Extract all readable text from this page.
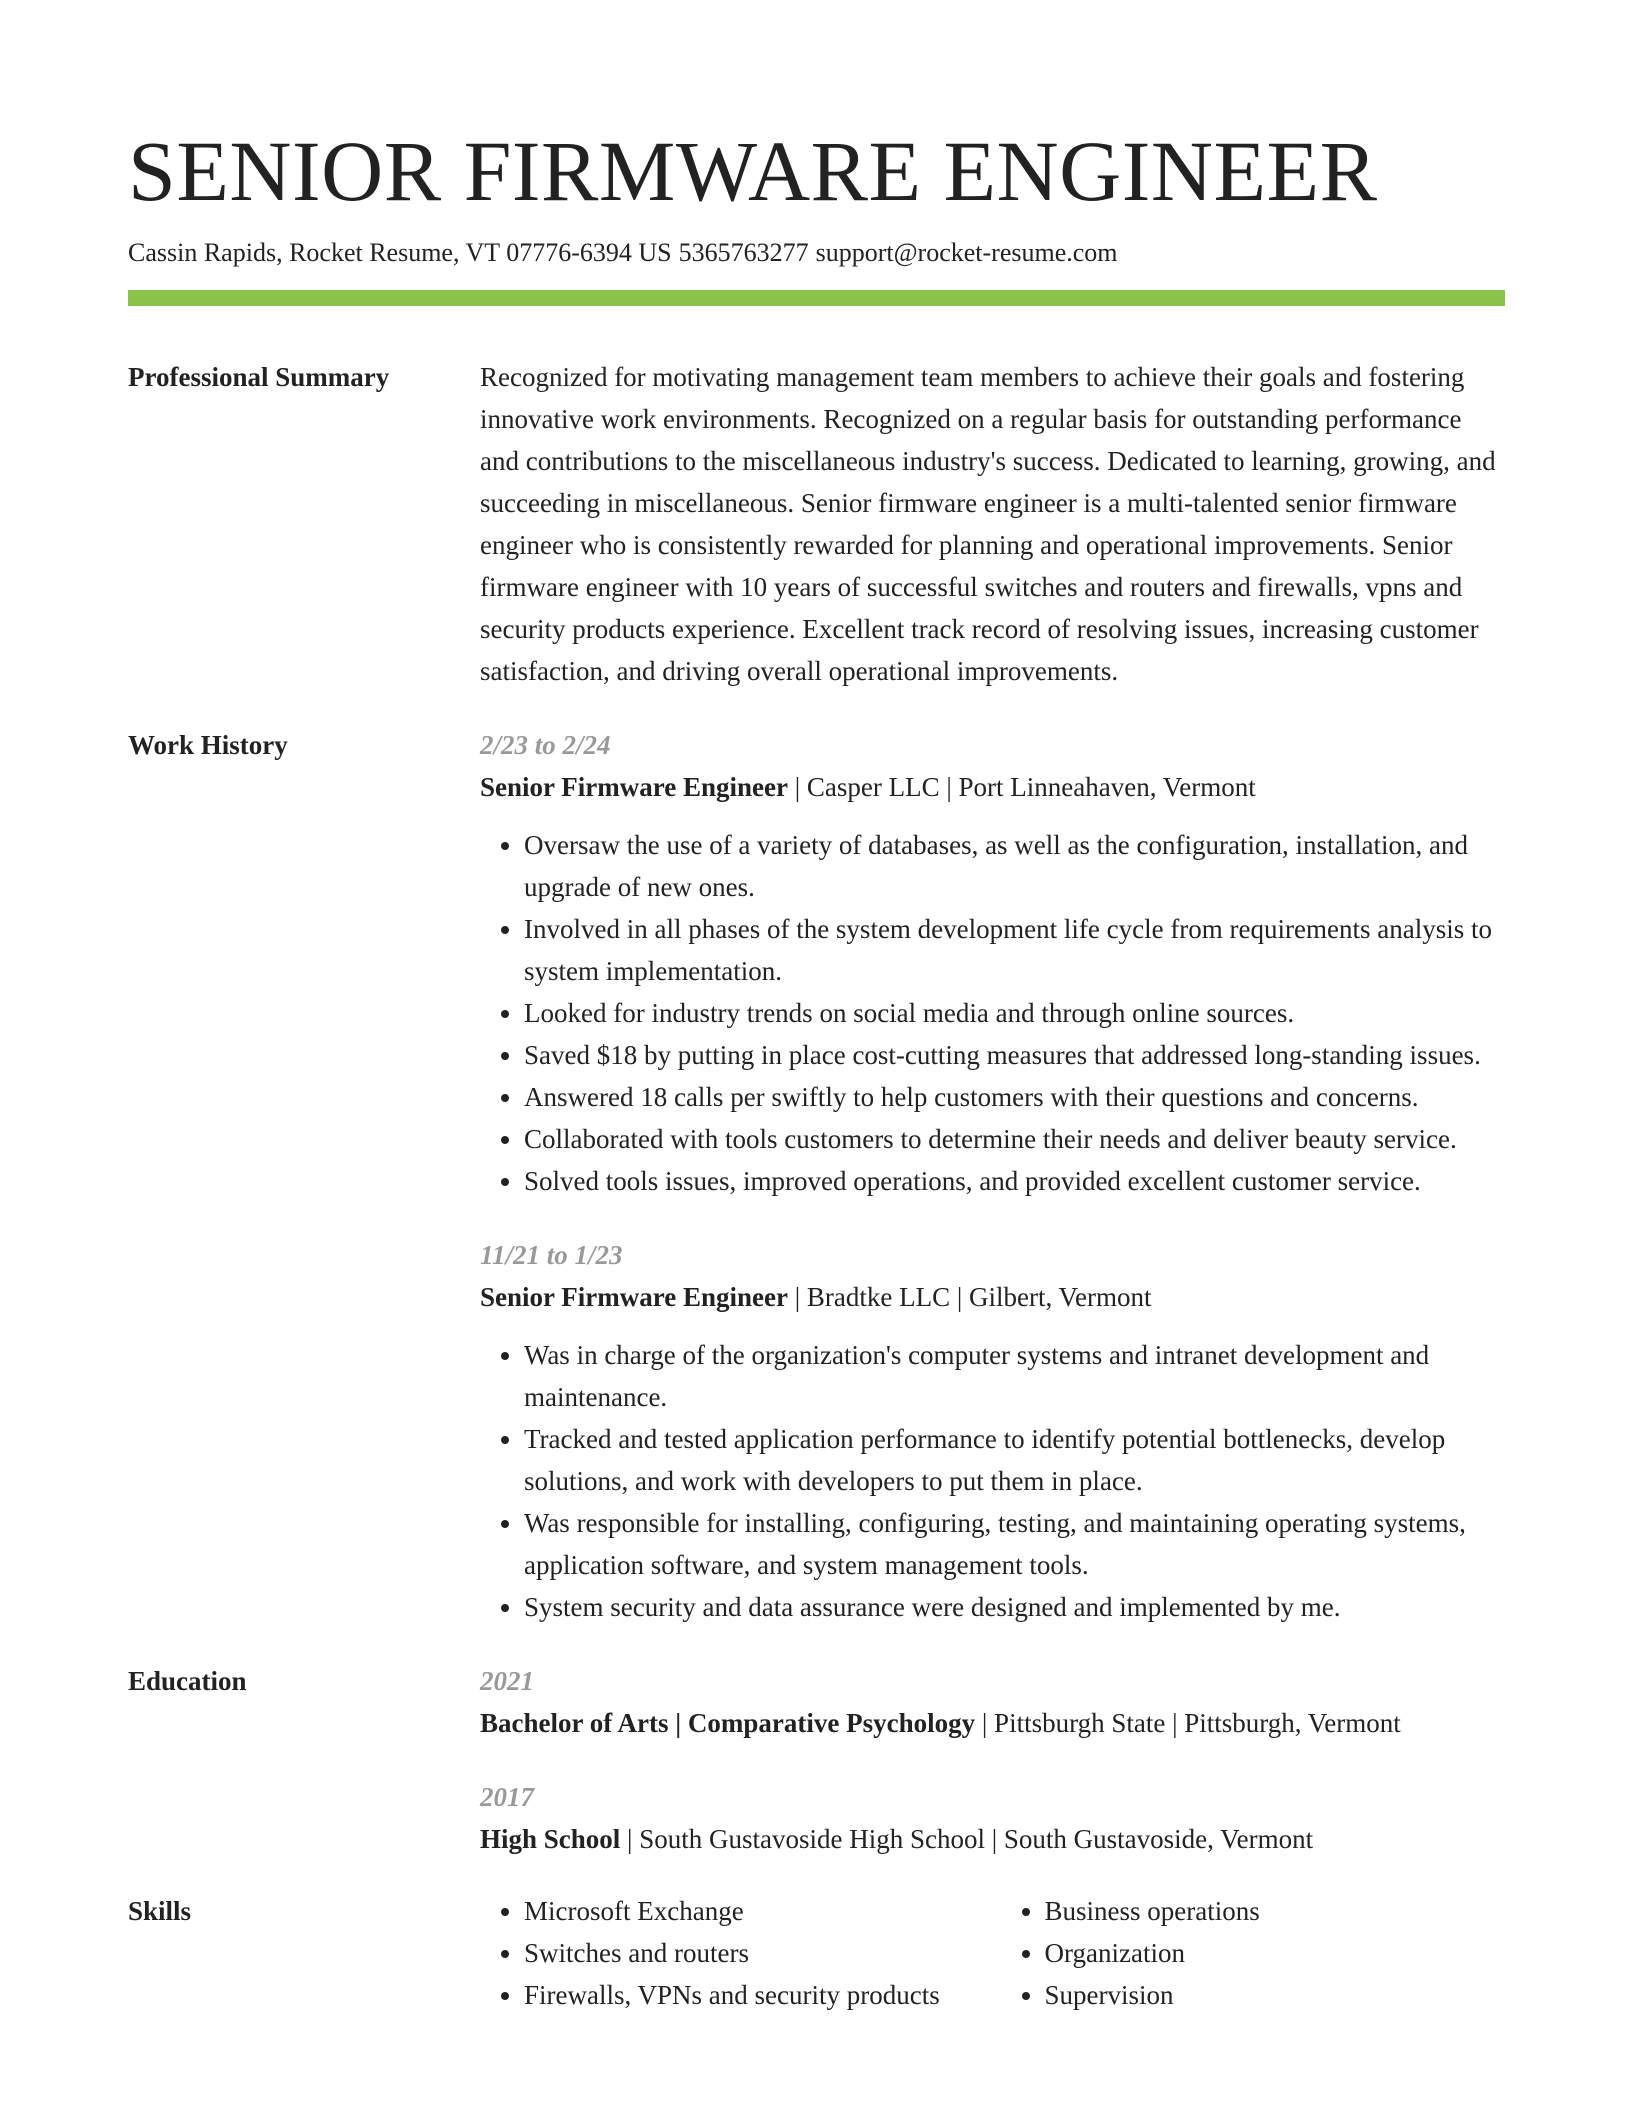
SENIOR FIRMWARE ENGINEER
Cassin Rapids, Rocket Resume, VT 07776-6394 US 5365763277 support@rocket-resume.com
Professional Summary	Recognized for motivating management team members to achieve their goals and fostering innovative work environments. Recognized on a regular basis for outstanding performance and contributions to the miscellaneous industry's success. Dedicated to learning, growing, and succeeding in miscellaneous. Senior firmware engineer is a multi-talented senior firmware engineer who is consistently rewarded for planning and operational improvements. Senior firmware engineer with 10 years of successful switches and routers and firewalls, vpns and security products experience. Excellent track record of resolving issues, increasing customer satisfaction, and driving overall operational improvements.

Work History	2/23 to 2/24
Senior Firmware Engineer | Casper LLC | Port Linneahaven, Vermont
• Oversaw the use of a variety of databases, as well as the configuration, installation, and upgrade of new ones.
• Involved in all phases of the system development life cycle from requirements analysis to system implementation.
• Looked for industry trends on social media and through online sources.
• Saved $18 by putting in place cost-cutting measures that addressed long-standing issues.
• Answered 18 calls per swiftly to help customers with their questions and concerns.
• Collaborated with tools customers to determine their needs and deliver beauty service.
• Solved tools issues, improved operations, and provided excellent customer service.
11/21 to 1/23
Senior Firmware Engineer | Bradtke LLC | Gilbert, Vermont
• Was in charge of the organization's computer systems and intranet development and maintenance.
• Tracked and tested application performance to identify potential bottlenecks, develop solutions, and work with developers to put them in place.
• Was responsible for installing, configuring, testing, and maintaining operating systems, application software, and system management tools.
• System security and data assurance were designed and implemented by me.
Education	2021
Bachelor of Arts | Comparative Psychology | Pittsburgh State | Pittsburgh, Vermont
2017
High School | South Gustavoside High School | South Gustavoside, Vermont
Skills
•	Microsoft Exchange
• Switches and routers
• Firewalls, VPNs and security products
• Business operations
• Organization
• Supervision
